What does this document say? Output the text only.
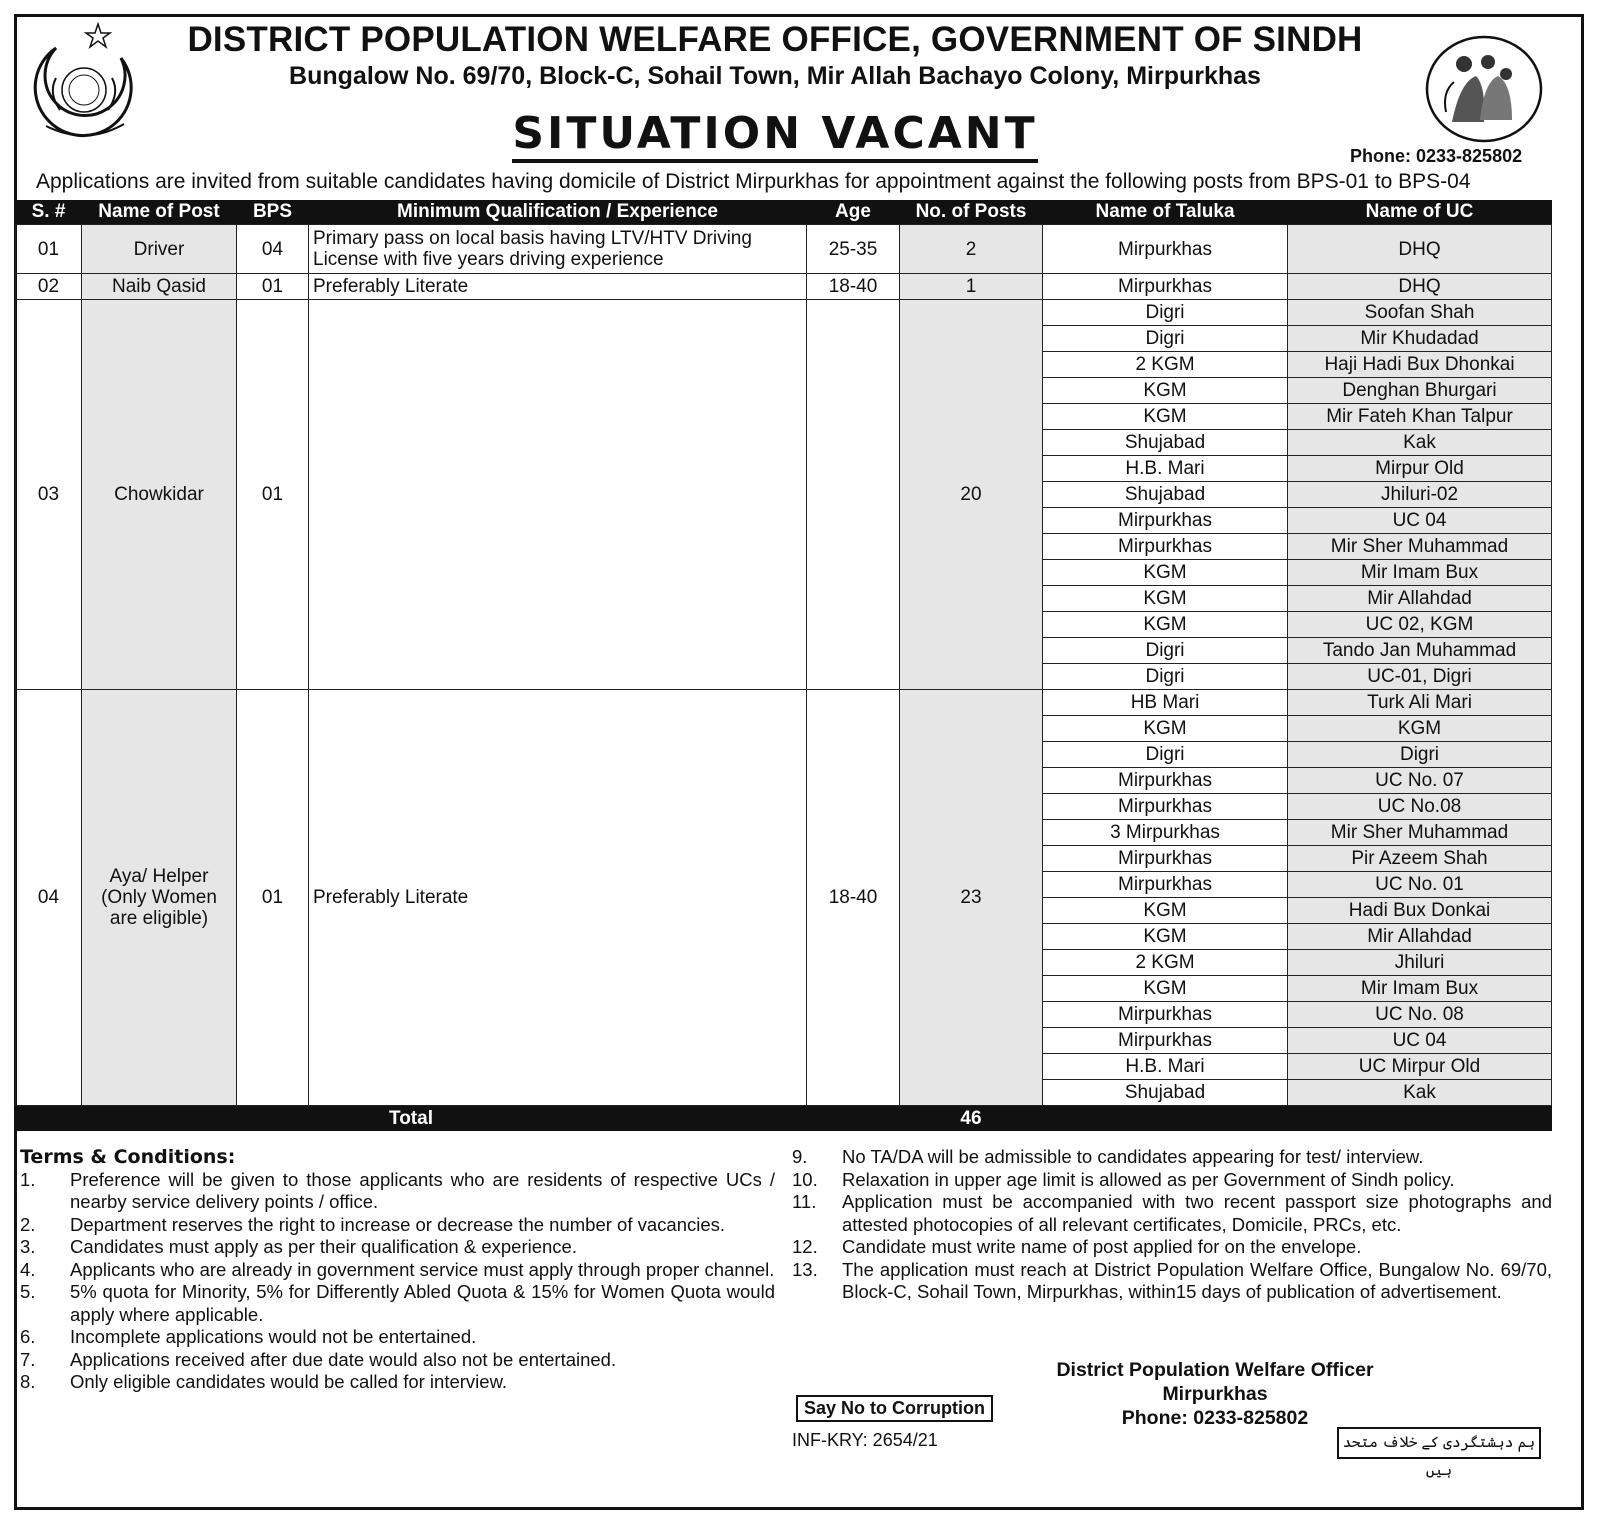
DISTRICT POPULATION WELFARE OFFICE, GOVERNMENT OF SINDH
Bungalow No. 69/70, Block-C, Sohail Town, Mir Allah Bachayo Colony, Mirpurkhas
SITUATION VACANT	Phone: 0233-825802
Applications are invited from suitable candidates having domicile of District Mirpurkhas for appointment against the following posts from BPS-01 to BPS-04
S. #	Name of Post	BPS	Minimum Qualification / Experience	Age	No. of Posts	Name of Taluka	Name of UC
01	Driver	04	Primary pass on local basis having LTV/HTV Driving License with five years driving experience	25-35	2	Mirpurkhas	DHQ
02	Naib Qasid	01	Preferably Literate	18-40	1	Mirpurkhas	DHQ
03	Chowkidar	01			20	Digri	Soofan Shah
						Digri	Mir Khudadad
						2 KGM	Haji Hadi Bux Dhonkai
						KGM	Denghan Bhurgari
						KGM	Mir Fateh Khan Talpur
						Shujabad	Kak
						H.B. Mari	Mirpur Old
						Shujabad	Jhiluri-02
						Mirpurkhas	UC 04
						Mirpurkhas	Mir Sher Muhammad
						KGM	Mir Imam Bux
						KGM	Mir Allahdad
						KGM	UC 02, KGM
						Digri	Tando Jan Muhammad
						Digri	UC-01, Digri
04	Aya/ Helper (Only Women are eligible)	01	Preferably Literate	18-40	23	HB Mari	Turk Ali Mari
						KGM	KGM
						Digri	Digri
						Mirpurkhas	UC No. 07
						Mirpurkhas	UC No.08
						3 Mirpurkhas	Mir Sher Muhammad
						Mirpurkhas	Pir Azeem Shah
						Mirpurkhas	UC No. 01
						KGM	Hadi Bux Donkai
						KGM	Mir Allahdad
						2 KGM	Jhiluri
						KGM	Mir Imam Bux
						Mirpurkhas	UC No. 08
						Mirpurkhas	UC 04
						H.B. Mari	UC Mirpur Old
						Shujabad	Kak
Total					46		
Terms & Conditions:
1.	Preference will be given to those applicants who are residents of respective UCs / nearby service delivery points / office.
2.	Department reserves the right to increase or decrease the number of vacancies.
3.	Candidates must apply as per their qualification & experience.
4.	Applicants who are already in government service must apply through proper channel.
5.	5% quota for Minority, 5% for Differently Abled Quota & 15% for Women Quota would apply where applicable.
6.	Incomplete applications would not be entertained.
7.	Applications received after due date would also not be entertained.
8.	Only eligible candidates would be called for interview.
9.	No TA/DA will be admissible to candidates appearing for test/ interview.
10.	Relaxation in upper age limit is allowed as per Government of Sindh policy.
11.	Application must be accompanied with two recent passport size photographs and attested photocopies of all relevant certificates, Domicile, PRCs, etc.
12.	Candidate must write name of post applied for on the envelope.
13.	The application must reach at District Population Welfare Office, Bungalow No. 69/70, Block-C, Sohail Town, Mirpurkhas, within15 days of publication of advertisement.
District Population Welfare Officer
Mirpurkhas
Phone: 0233-825802
Say No to Corruption
INF-KRY: 2654/21	ہم دہشتگردی کے خلاف متحد ہیں
